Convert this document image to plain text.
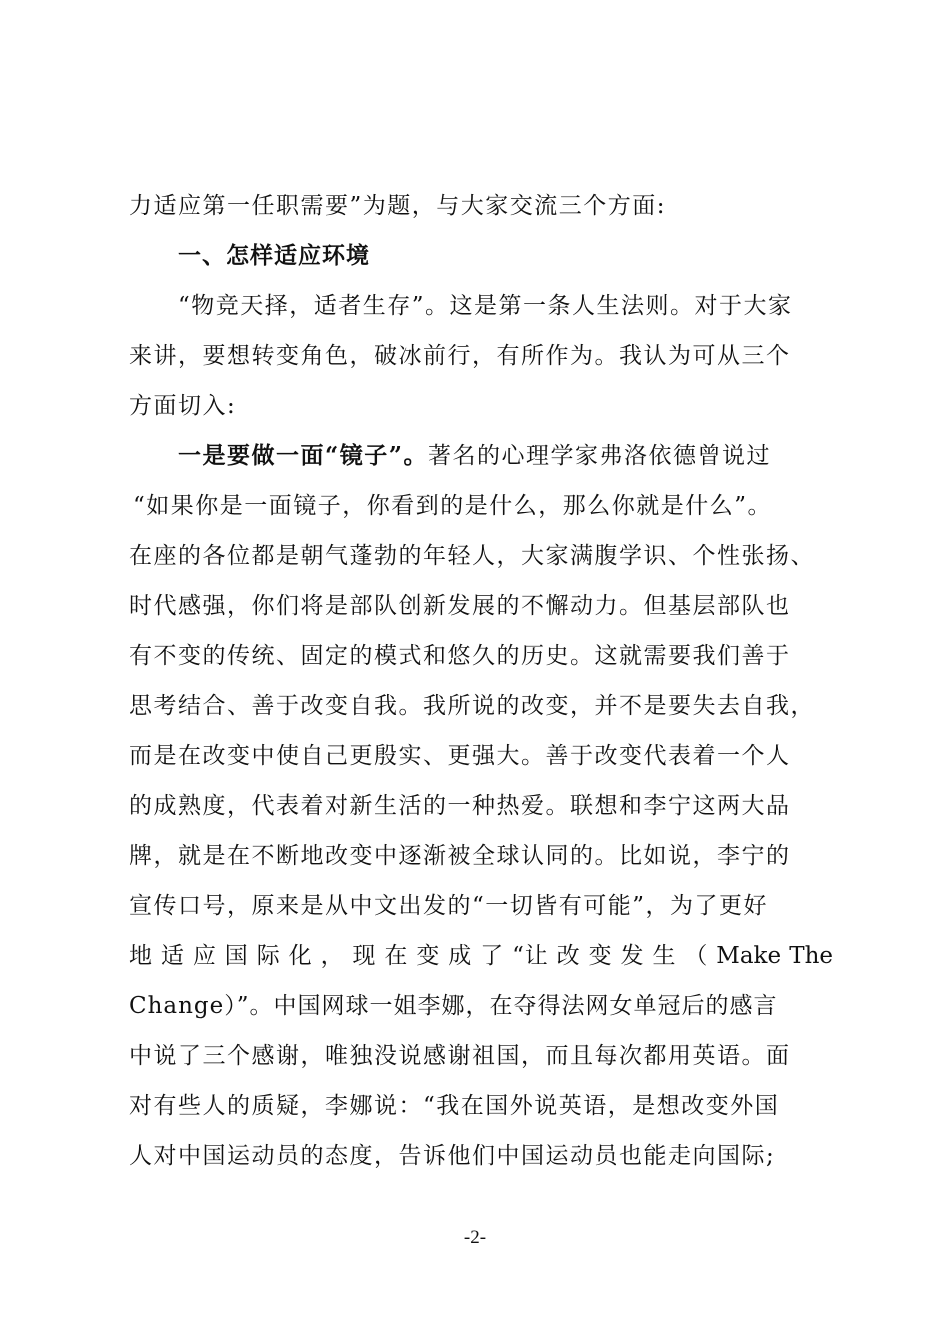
力适应第一任职需要”为题，与大家交流三个方面:
一、怎样适应环境
“物竞天择，适者生存”。这是第一条人生法则。对于大家
来讲，要想转变角色，破冰前行，有所作为。我认为可从三个
方面切入:
一是要做一面“镜子”。著名的心理学家弗洛依德曾说过
“如果你是一面镜子，你看到的是什么，那么你就是什么”。
在座的各位都是朝气蓬勃的年轻人，大家满腹学识、个性张扬、
时代感强，你们将是部队创新发展的不懈动力。但基层部队也
有不变的传统、固定的模式和悠久的历史。这就需要我们善于
思考结合、善于改变自我。我所说的改变，并不是要失去自我，
而是在改变中使自己更殷实、更强大。善于改变代表着一个人
的成熟度，代表着对新生活的一种热爱。联想和李宁这两大品
牌，就是在不断地改变中逐渐被全球认同的。比如说，李宁的
宣传口号，原来是从中文出发的“一切皆有可能”，为了更好
地 适 应 国 际 化 ， 现 在 变 成 了 “让 改 变 发 生 （ Make The
Change）”。中国网球一姐李娜，在夺得法网女单冠后的感言
中说了三个感谢，唯独没说感谢祖国，而且每次都用英语。面
对有些人的质疑，李娜说：“我在国外说英语，是想改变外国
人对中国运动员的态度，告诉他们中国运动员也能走向国际;
-2-
